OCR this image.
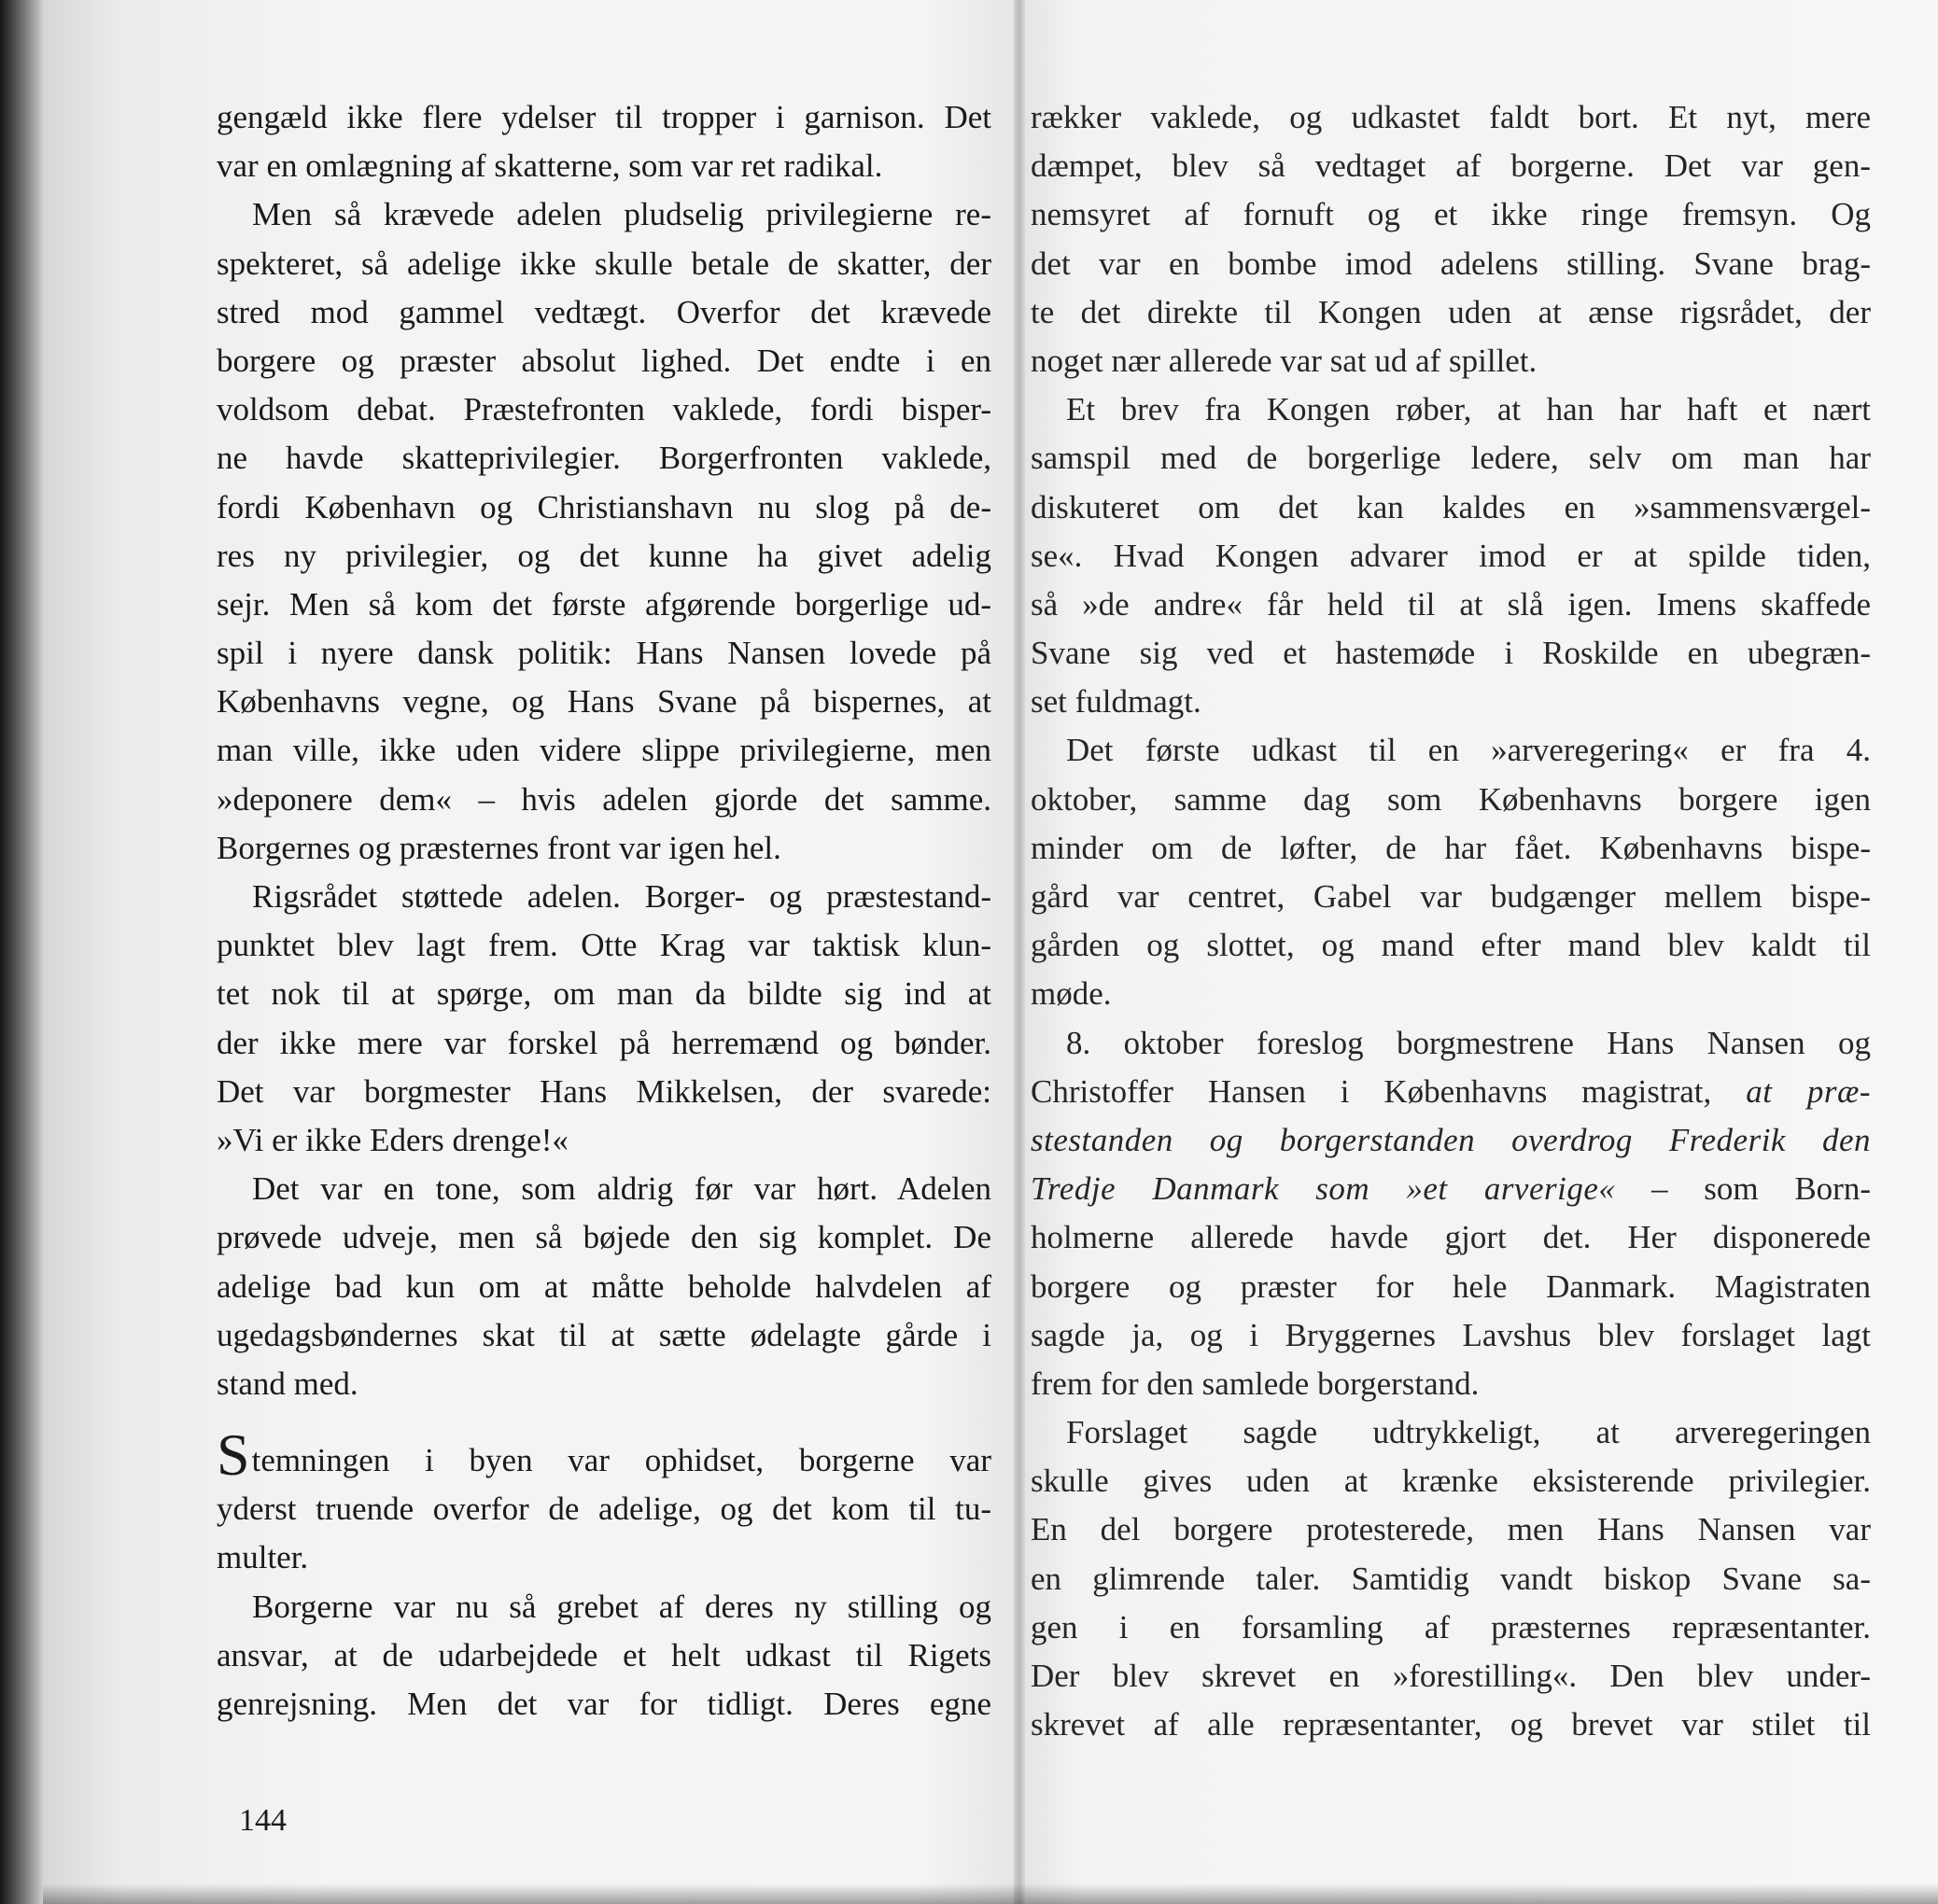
gengæld ikke flere ydelser til tropper i garnison. Det
var en omlægning af skatterne, som var ret radikal.
Men så krævede adelen pludselig privilegierne re-
spekteret, så adelige ikke skulle betale de skatter, der
stred mod gammel vedtægt. Overfor det krævede
borgere og præster absolut lighed. Det endte i en
voldsom debat. Præstefronten vaklede, fordi bisper-
ne havde skatteprivilegier. Borgerfronten vaklede,
fordi København og Christianshavn nu slog på de-
res ny privilegier, og det kunne ha givet adelig
sejr. Men så kom det første afgørende borgerlige ud-
spil i nyere dansk politik: Hans Nansen lovede på
Københavns vegne, og Hans Svane på bispernes, at
man ville, ikke uden videre slippe privilegierne, men
»deponere dem« – hvis adelen gjorde det samme.
Borgernes og præsternes front var igen hel.
Rigsrådet støttede adelen. Borger- og præstestand-
punktet blev lagt frem. Otte Krag var taktisk klun-
tet nok til at spørge, om man da bildte sig ind at
der ikke mere var forskel på herremænd og bønder.
Det var borgmester Hans Mikkelsen, der svarede:
»Vi er ikke Eders drenge!«
Det var en tone, som aldrig før var hørt. Adelen
prøvede udveje, men så bøjede den sig komplet. De
adelige bad kun om at måtte beholde halvdelen af
ugedagsbøndernes skat til at sætte ødelagte gårde i
stand med.
Stemningen i byen var ophidset, borgerne var
yderst truende overfor de adelige, og det kom til tu-
multer.
Borgerne var nu så grebet af deres ny stilling og
ansvar, at de udarbejdede et helt udkast til Rigets
genrejsning. Men det var for tidligt. Deres egne
144
rækker vaklede, og udkastet faldt bort. Et nyt, mere
dæmpet, blev så vedtaget af borgerne. Det var gen-
nemsyret af fornuft og et ikke ringe fremsyn. Og
det var en bombe imod adelens stilling. Svane brag-
te det direkte til Kongen uden at ænse rigsrådet, der
noget nær allerede var sat ud af spillet.
Et brev fra Kongen røber, at han har haft et nært
samspil med de borgerlige ledere, selv om man har
diskuteret om det kan kaldes en »sammensværgel-
se«. Hvad Kongen advarer imod er at spilde tiden,
så »de andre« får held til at slå igen. Imens skaffede
Svane sig ved et hastemøde i Roskilde en ubegræn-
set fuldmagt.
Det første udkast til en »arveregering« er fra 4.
oktober, samme dag som Københavns borgere igen
minder om de løfter, de har fået. Københavns bispe-
gård var centret, Gabel var budgænger mellem bispe-
gården og slottet, og mand efter mand blev kaldt til
møde.
8. oktober foreslog borgmestrene Hans Nansen og
Christoffer Hansen i Københavns magistrat, at præ-
stestanden og borgerstanden overdrog Frederik den
Tredje Danmark som »et arverige« – som Born-
holmerne allerede havde gjort det. Her disponerede
borgere og præster for hele Danmark. Magistraten
sagde ja, og i Bryggernes Lavshus blev forslaget lagt
frem for den samlede borgerstand.
Forslaget sagde udtrykkeligt, at arveregeringen
skulle gives uden at krænke eksisterende privilegier.
En del borgere protesterede, men Hans Nansen var
en glimrende taler. Samtidig vandt biskop Svane sa-
gen i en forsamling af præsternes repræsentanter.
Der blev skrevet en »forestilling«. Den blev under-
skrevet af alle repræsentanter, og brevet var stilet til
